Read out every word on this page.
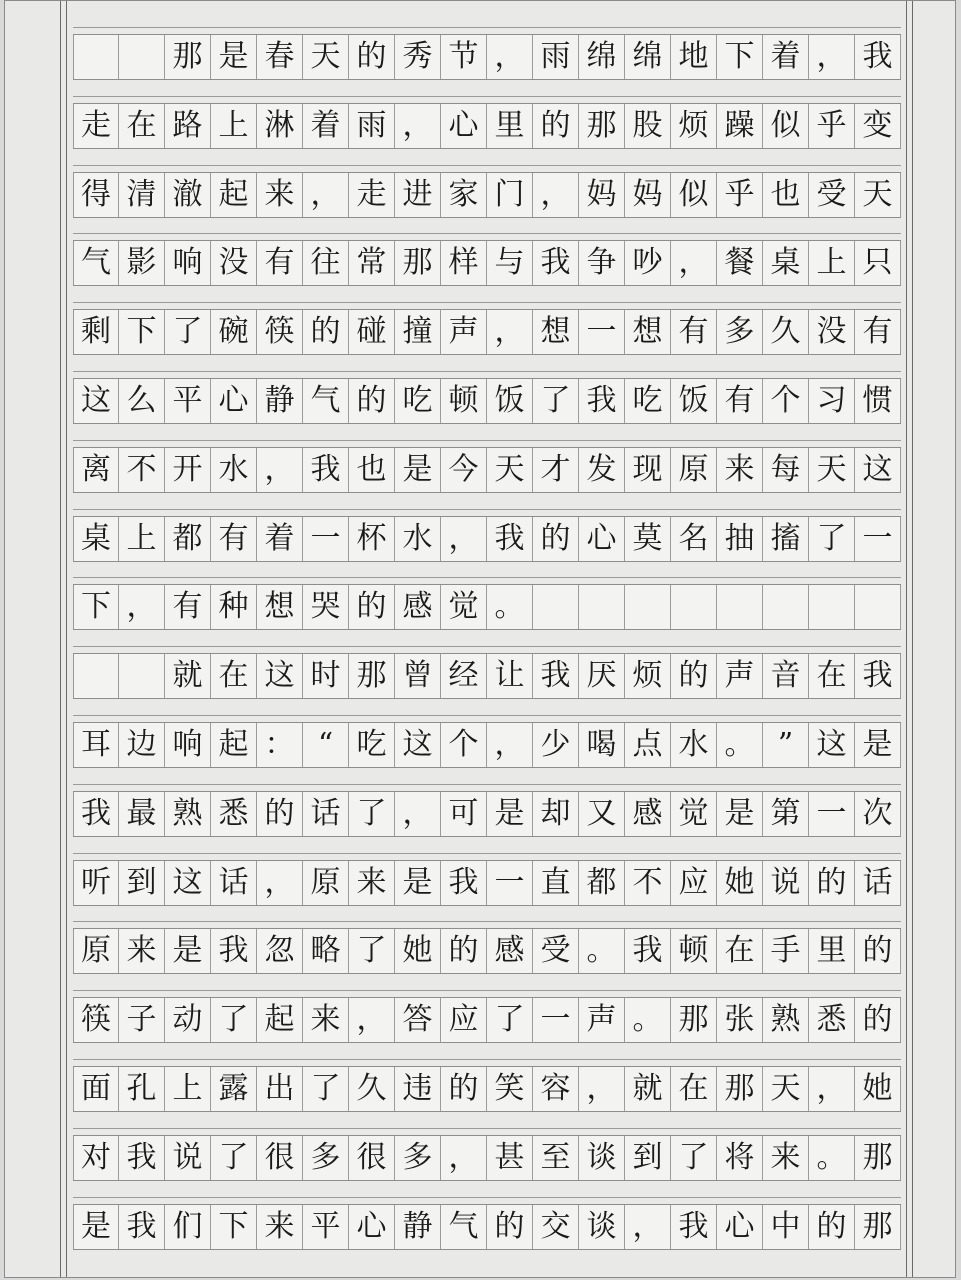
那 是 春 天 的 秀 节 ， 雨 绵 绵 地 下 着 ， 我
走 在 路 上 淋 着 雨 ， 心 里 的 那 股 烦 躁 似 乎 变
得 清 澈 起 来 ， 走 进 家 门 ， 妈 妈 似 乎 也 受 天
气 影 响 没 有 往 常 那 样 与 我 争 吵 ， 餐 桌 上 只
剩 下 了 碗 筷 的 碰 撞 声 ， 想 一 想 有 多 久 没 有
这 么 平 心 静 气 的 吃 顿 饭 了 我 吃 饭 有 个 习 惯
离 不 开 水 ， 我 也 是 今 天 才 发 现 原 来 每 天 这
桌 上 都 有 着 一 杯 水 ， 我 的 心 莫 名 抽 搐 了 一
下 ， 有 种 想 哭 的 感 觉 。
就 在 这 时 那 曾 经 让 我 厌 烦 的 声 音 在 我
耳 边 响 起 ： “ 吃 这 个 ， 少 喝 点 水 。 ” 这 是
我 最 熟 悉 的 话 了 ， 可 是 却 又 感 觉 是 第 一 次
听 到 这 话 ， 原 来 是 我 一 直 都 不 应 她 说 的 话
原 来 是 我 忽 略 了 她 的 感 受 。 我 顿 在 手 里 的
筷 子 动 了 起 来 ， 答 应 了 一 声 。 那 张 熟 悉 的
面 孔 上 露 出 了 久 违 的 笑 容 ， 就 在 那 天 ， 她
对 我 说 了 很 多 很 多 ， 甚 至 谈 到 了 将 来 。 那
是 我 们 下 来 平 心 静 气 的 交 谈 ， 我 心 中 的 那
